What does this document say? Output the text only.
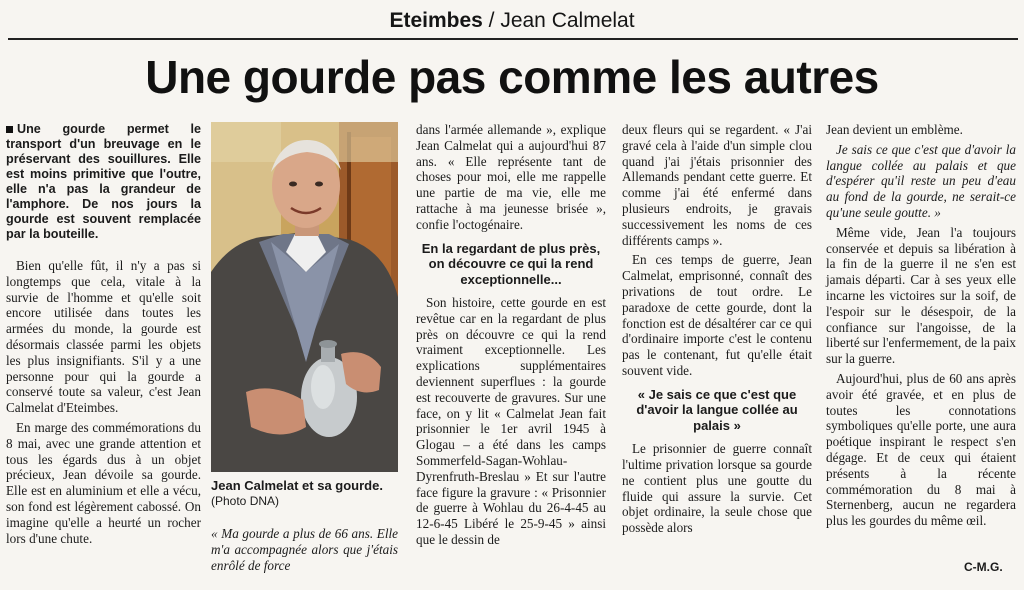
Eteimbes / Jean Calmelat
Une gourde pas comme les autres

Une gourde permet le transport d'un breuvage en le préservant des souillures. Elle est moins primitive que l'outre, elle n'a pas la grandeur de l'amphore. De nos jours la gourde est souvent remplacée par la bouteille.

Bien qu'elle fût, il n'y a pas si longtemps que cela, vitale à la survie de l'homme et qu'elle soit encore utilisée dans toutes les armées du monde, la gourde est désormais classée parmi les objets les plus insignifiants. S'il y a une personne pour qui la gourde a conservé toute sa valeur, c'est Jean Calmelat d'Eteimbes.

En marge des commémorations du 8 mai, avec une grande attention et tous les égards dus à un objet précieux, Jean dévoile sa gourde. Elle est en aluminium et elle a vécu, son fond est légèrement cabossé. On imagine qu'elle a heurté un rocher lors d'une chute.

Jean Calmelat et sa gourde.
(Photo DNA)
« Ma gourde a plus de 66 ans. Elle m'a accompagnée alors que j'étais enrôlé de force

dans l'armée allemande », explique Jean Calmelat qui a aujourd'hui 87 ans. « Elle représente tant de choses pour moi, elle me rappelle une partie de ma vie, elle me rattache à ma jeunesse brisée », confie l'octogénaire.

En la regardant de plus près, on découvre ce qui la rend exceptionnelle...

Son histoire, cette gourde en est revêtue car en la regardant de plus près on découvre ce qui la rend vraiment exceptionnelle. Les explications supplémentaires deviennent superflues : la gourde est recouverte de gravures. Sur une face, on y lit « Calmelat Jean fait prisonnier le 1er avril 1945 à Glogau – a été dans les camps Sommerfeld-Sagan-Wohlau-Dyrenfruth-Breslau » Et sur l'autre face figure la gravure : « Prisonnier de guerre à Wohlau du 26-4-45 au 12-6-45 Libéré le 25-9-45 » ainsi que le dessin de

deux fleurs qui se regardent. « J'ai gravé cela à l'aide d'un simple clou quand j'ai j'étais prisonnier des Allemands pendant cette guerre. Et comme j'ai été enfermé dans plusieurs endroits, je gravais successivement les noms de ces différents camps ».

En ces temps de guerre, Jean Calmelat, emprisonné, connaît des privations de tout ordre. Le paradoxe de cette gourde, dont la fonction est de désaltérer car ce qui d'ordinaire importe c'est le contenu pas le contenant, fut qu'elle était souvent vide.

« Je sais ce que c'est que d'avoir la langue collée au palais »

Le prisonnier de guerre connaît l'ultime privation lorsque sa gourde ne contient plus une goutte du fluide qui assure la survie. Cet objet ordinaire, la seule chose que possède alors

Jean devient un emblème.

Je sais ce que c'est que d'avoir la langue collée au palais et que d'espérer qu'il reste un peu d'eau au fond de la gourde, ne serait-ce qu'une seule goutte. »

Même vide, Jean l'a toujours conservée et depuis sa libération à la fin de la guerre il ne s'en est jamais départi. Car à ses yeux elle incarne les victoires sur la soif, de l'espoir sur le désespoir, de la confiance sur l'angoisse, de la liberté sur l'enfermement, de la paix sur la guerre.

Aujourd'hui, plus de 60 ans après avoir été gravée, et en plus de toutes les connotations symboliques qu'elle porte, une aura poétique inspirant le respect s'en dégage. Et de ceux qui étaient présents à la récente commémoration du 8 mai à Sternenberg, aucun ne regardera plus les gourdes du même œil.

C-M.G.
